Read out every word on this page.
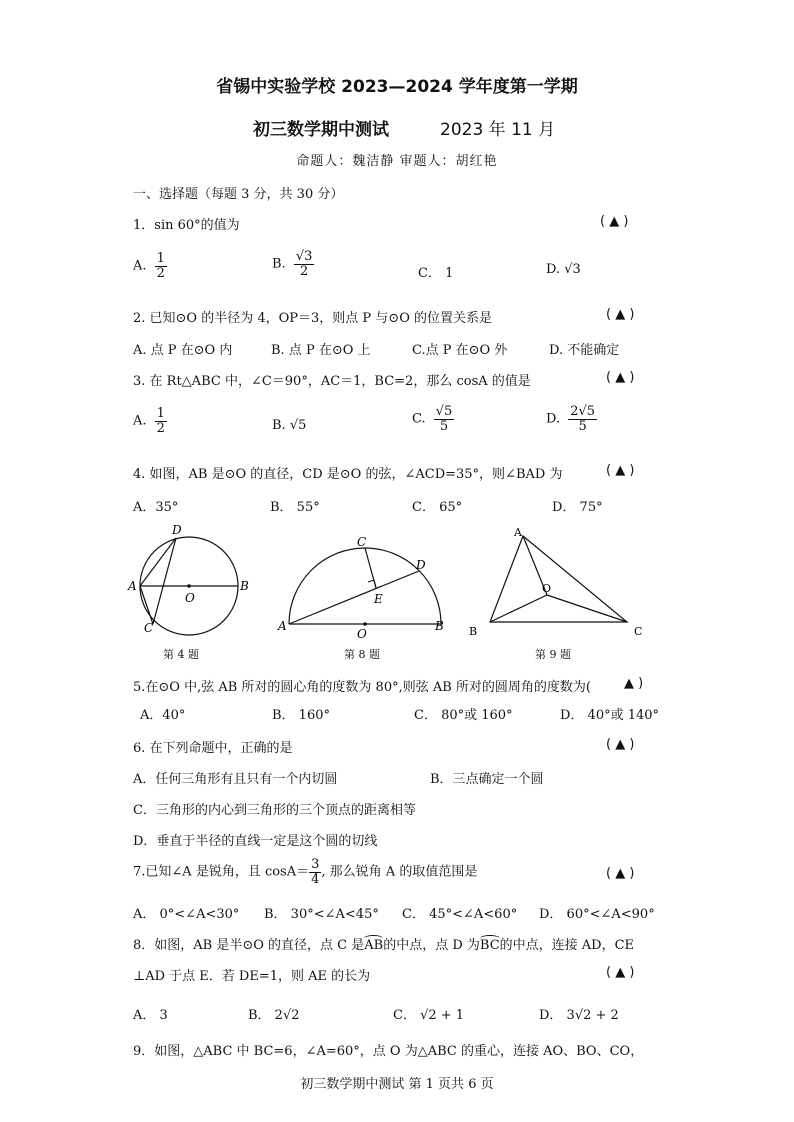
省锡中实验学校 2023—2024 学年度第一学期
初三数学期中测试	2023 年 11 月
命题人：魏洁静 审题人：胡红艳
一、选择题（每题 3 分，共 30 分）
1．sin 60°的值为	( ▲ )
A. $\frac{1}{2}$	B. $\frac{√3}{2}$	C． 1	D. √3
2. 已知⊙O 的半径为 4，OP＝3，则点 P 与⊙O 的位置关系是	( ▲ )
A. 点 P 在⊙O 内	B. 点 P 在⊙O 上	C.点 P 在⊙O 外	D. 不能确定
3. 在 Rt△ABC 中，∠C＝90°，AC＝1，BC=2，那么 cosA 的值是	( ▲ )
A. $\frac{1}{2}$	B. √5	C. $\frac{√5}{5}$	D. $\frac{2√5}{5}$
4. 如图，AB 是⊙O 的直径，CD 是⊙O 的弦，∠ACD=35°，则∠BAD 为	( ▲ )
A．35°	B． 55°	C． 65°	D． 75°
A	B
O
D
C
第 4 题
A	B
O
C
D
E
第 8 题
A
B	C
O
第 9 题
5.在⊙O 中,弦 AB 所对的圆心角的度数为 80°,则弦 AB 所对的圆周角的度数为(	▲ )
A．40°	B． 160°	C． 80°或 160°	D． 40°或 140°
6. 在下列命题中，正确的是	( ▲ )
A．任何三角形有且只有一个内切圆	B．三点确定一个圆
C．三角形的内心到三角形的三个顶点的距离相等
D．垂直于半径的直线一定是这个圆的切线
7.已知∠A 是锐角，且 $\cos A= \frac{3}{4}$ , 那么锐角 A 的取值范围是	( ▲ )
A． 0°<∠A<30° B． 30°<∠A<45° C． 45°<∠A<60° D． 60°<∠A<90°
8．如图，AB 是半⊙O 的直径，点 C 是AB的中点，点 D 为BC的中点，连接 AD，CE
⊥AD 于点 E．若 DE=1，则 AE 的长为	( ▲ )
A． 3	B． 2√2	C． √2 + 1	D． 3√2 + 2
9．如图，△ABC 中 BC=6，∠A=60°，点 O 为△ABC 的重心，连接 AO、BO、CO，
初三数学期中测试 第 1 页共 6 页
